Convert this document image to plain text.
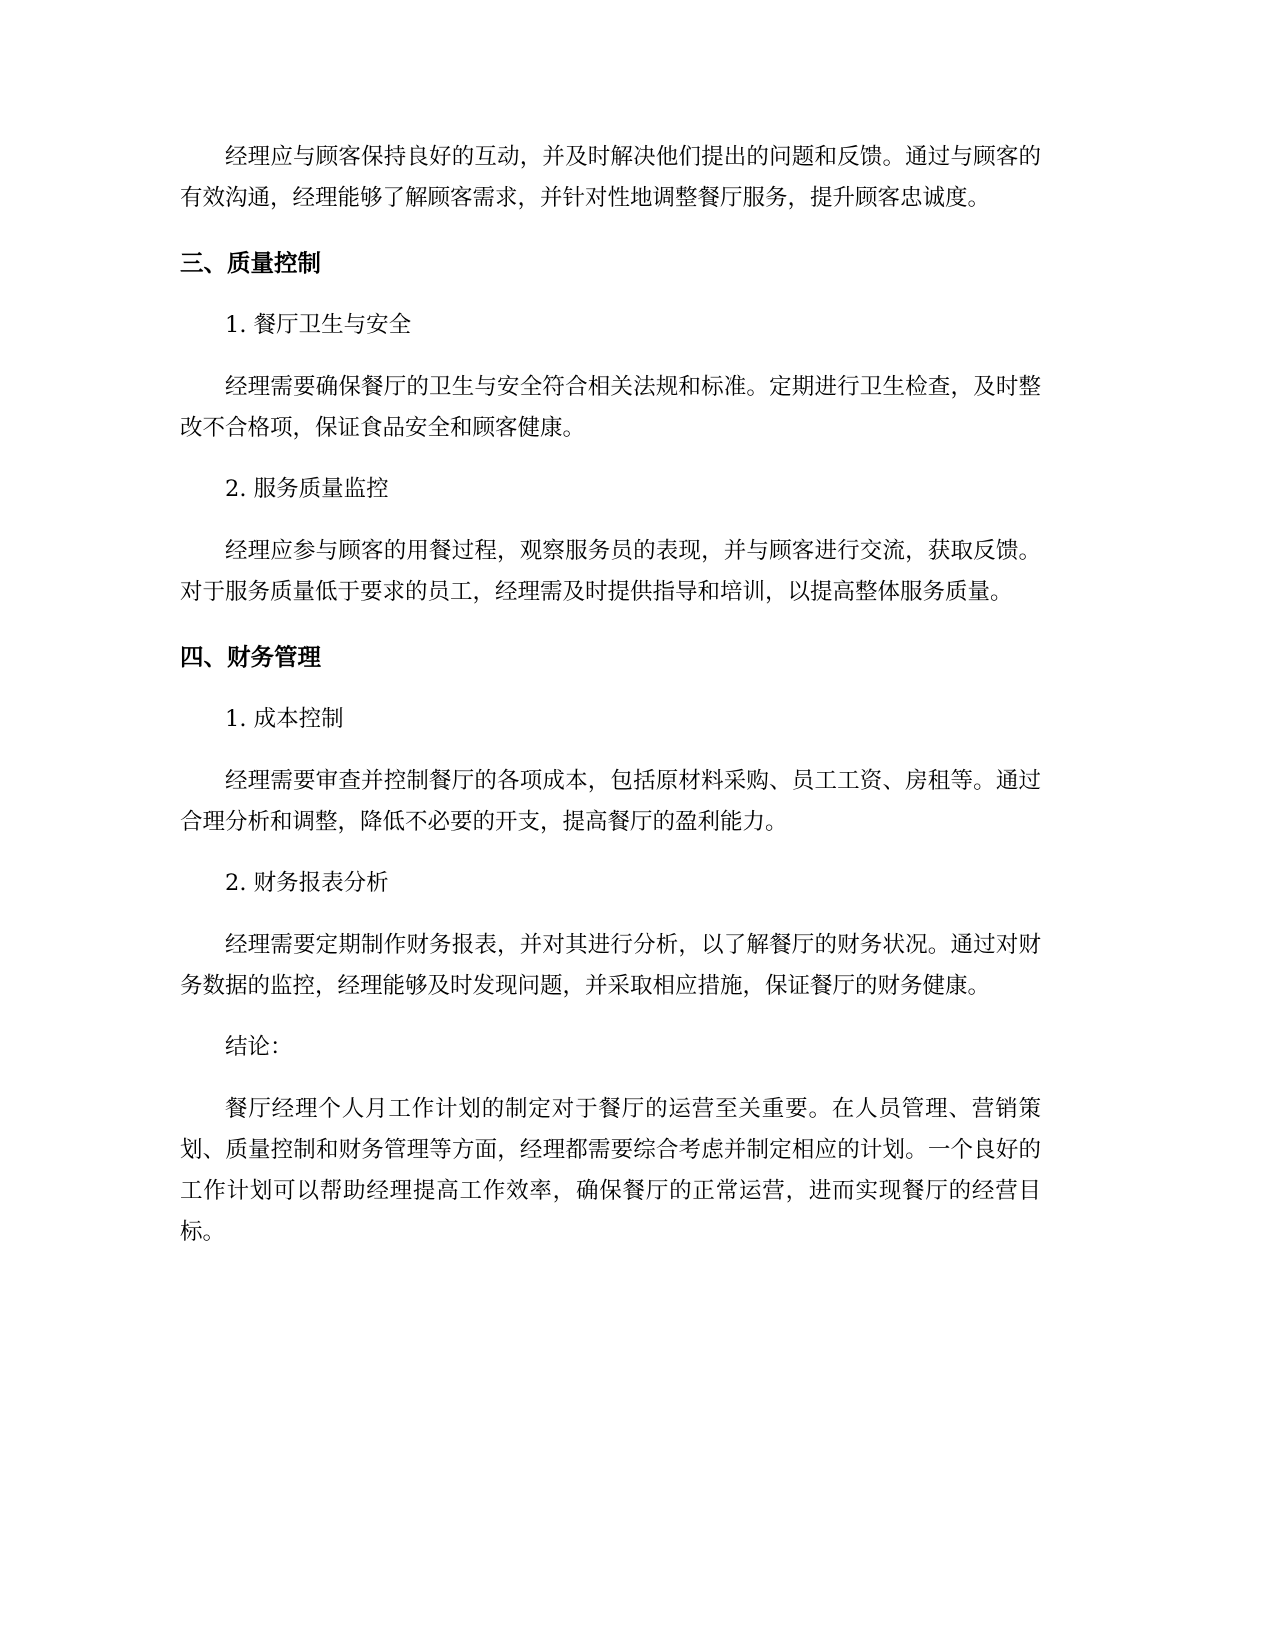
经理应与顾客保持良好的互动，并及时解决他们提出的问题和反馈。通过与顾客的有效沟通，经理能够了解顾客需求，并针对性地调整餐厅服务，提升顾客忠诚度。

三、质量控制

1. 餐厅卫生与安全

经理需要确保餐厅的卫生与安全符合相关法规和标准。定期进行卫生检查，及时整改不合格项，保证食品安全和顾客健康。

2. 服务质量监控

经理应参与顾客的用餐过程，观察服务员的表现，并与顾客进行交流，获取反馈。对于服务质量低于要求的员工，经理需及时提供指导和培训，以提高整体服务质量。

四、财务管理

1. 成本控制

经理需要审查并控制餐厅的各项成本，包括原材料采购、员工工资、房租等。通过合理分析和调整，降低不必要的开支，提高餐厅的盈利能力。

2. 财务报表分析

经理需要定期制作财务报表，并对其进行分析，以了解餐厅的财务状况。通过对财务数据的监控，经理能够及时发现问题，并采取相应措施，保证餐厅的财务健康。

结论：

餐厅经理个人月工作计划的制定对于餐厅的运营至关重要。在人员管理、营销策划、质量控制和财务管理等方面，经理都需要综合考虑并制定相应的计划。一个良好的工作计划可以帮助经理提高工作效率，确保餐厅的正常运营，进而实现餐厅的经营目标。
